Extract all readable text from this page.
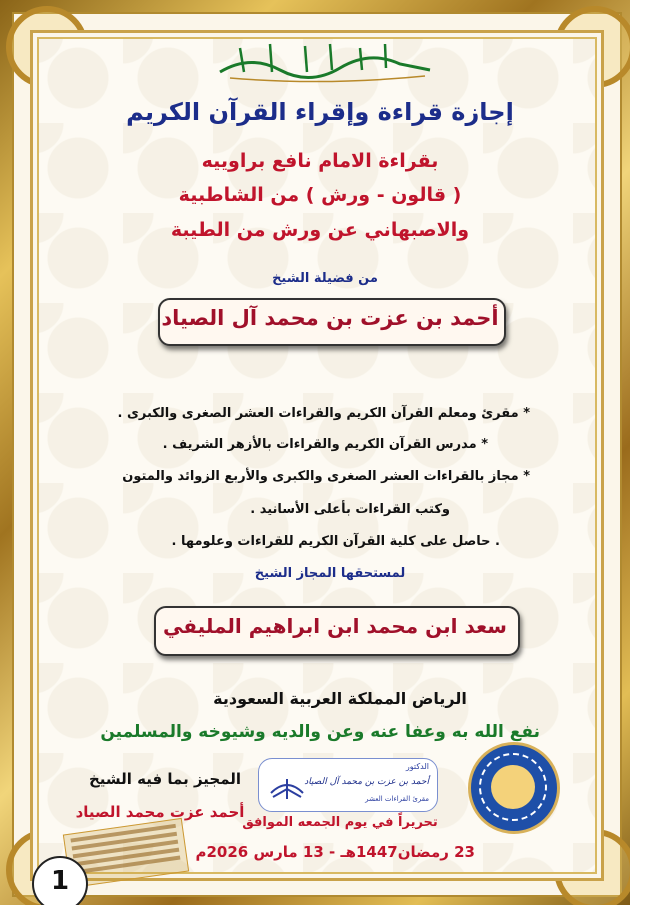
إجازة قراءة وإقراء القرآن الكريم
بقراءة الامام نافع براوييه
( قالون - ورش ) من الشاطبية
والاصبهاني عن ورش من الطيبة
من فضيلة الشيخ
أحمد بن عزت بن محمد آل الصياد
* مقرئ ومعلم القرآن الكريم والقراءات العشر الصغرى والكبرى .
* مدرس القرآن الكريم والقراءات بالأزهر الشريف .
* مجاز بالقراءات العشر الصغرى والكبرى والأربع الزوائد والمتون
وكتب القراءات بأعلى الأسانيد .
. حاصل على كلية القرآن الكريم للقراءات وعلومها .
لمستحقها المجاز الشيخ
سعد ابن محمد ابن ابراهيم المليفي
الرياض المملكة العربية السعودية
نفع الله به وعفا عنه وعن والديه وشيوخه والمسلمين
الدكتور
أحمد بن عزت بن محمد آل الصياد
مقرئ القراءات العشر
المجيز بما فيه الشيخ
أحمد عزت محمد الصياد
تحريراً في يوم الجمعه الموافق
23 رمضان1447هـ - 13 مارس 2026م
1
